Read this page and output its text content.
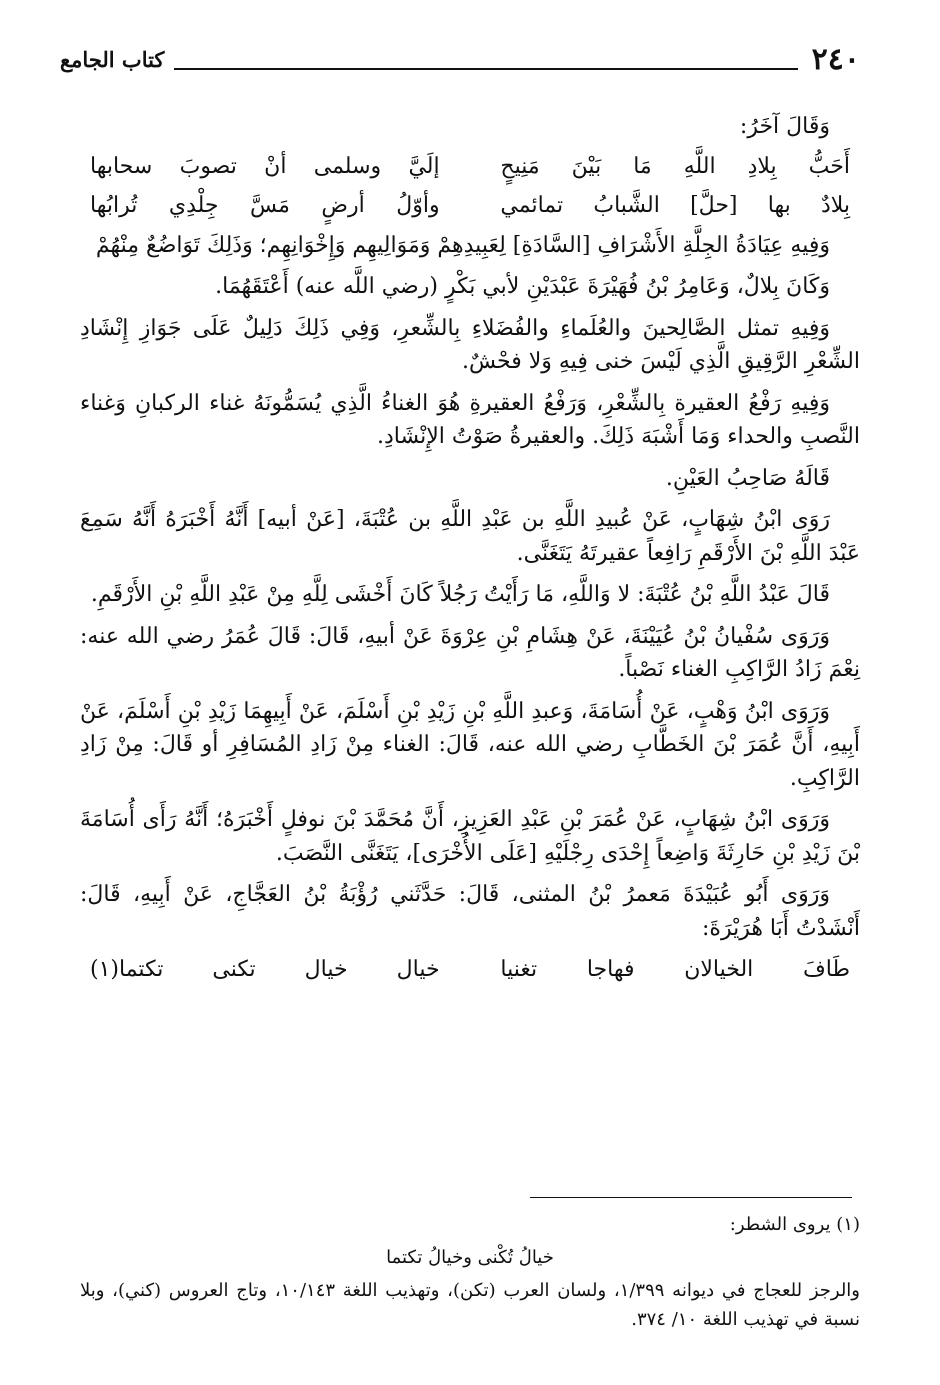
٢٤٠
كتاب الجامع

وَقَالَ آخَرُ:

أَحَبُّ بِلادِ اللَّهِ مَا بَيْنَ مَنِيحٍ
إلَيَّ وسلمى أنْ تصوبَ سحابها
بِلادٌ بها [حلَّ] الشَّبابُ تمائمي
وأوّلُ أرضٍ مَسَّ جِلْدِي تُرابُها

وَفِيهِ عِيَادَةُ الجِلَّةِ الأَشْرَافِ [السَّادَةِ] لِعَبِيدِهِمْ وَمَوَالِيهِم وَإِخْوَانِهِم؛ وَذَلِكَ تَوَاضُعٌ مِنْهُمْ

وَكَانَ بِلالٌ، وَعَامِرُ بْنُ فُهَيْرَةَ عَبْدَيْنِ لأبي بَكْرٍ (رضي اللَّه عنه) أَعْتَقَهُمَا.

وَفِيهِ تمثل الصَّالِحينَ والعُلَماءِ والفُضَلاءِ بِالشِّعرِ، وَفِي ذَلِكَ دَلِيلٌ عَلَى جَوَازِ إِنْشَادِ الشِّعْرِ الرَّقِيقِ الَّذِي لَيْسَ خنى فِيهِ وَلا فحْشٌ.

وَفِيهِ رَفْعُ العقيرة بِالشِّعْرِ، وَرَفْعُ العقيرةِ هُوَ الغناءُ الَّذِي يُسَمُّونَهُ غناء الركبانِ وَغناء النَّصبِ والحداء وَمَا أَشْبَهَ ذَلِكَ. والعقيرةُ صَوْتُ الإِنْشَادِ.

قَالَهُ صَاحِبُ العَيْنِ.

رَوَى ابْنُ شِهَابٍ، عَنْ عُبيدِ اللَّهِ بن عَبْدِ اللَّهِ بن عُتْبَةَ، [عَنْ أبيه] أَنَّهُ أَخْبَرَهُ أَنَّهُ سَمِعَ عَبْدَ اللَّهِ بْنَ الأَرْقَمِ رَافِعاً عقيرتَهُ يَتَغَنَّى.

قَالَ عَبْدُ اللَّهِ بْنُ عُتْبَةَ: لا وَاللَّهِ، مَا رَأَيْتُ رَجُلاً كَانَ أَخْشَى لِلَّهِ مِنْ عَبْدِ اللَّهِ بْنِ الأَرْقَمِ.

وَرَوَى سُفْيانُ بْنُ عُيَيْنَةَ، عَنْ هِشَامِ بْنِ عِرْوَةَ عَنْ أبيهِ، قَالَ: قَالَ عُمَرُ رضي الله عنه: نِعْمَ زَادُ الرَّاكِبِ الغناء نَصْباً.

وَرَوَى ابْنُ وَهْبٍ، عَنْ أُسَامَةَ، وَعبدِ اللَّهِ بْنِ زَيْدِ بْنِ أَسْلَمَ، عَنْ أَبِيهِمَا زَيْدِ بْنِ أَسْلَمَ، عَنْ أَبِيهِ، أَنَّ عُمَرَ بْنَ الخَطَّابِ رضي الله عنه، قَالَ: الغناء مِنْ زَادِ المُسَافِرِ أو قَالَ: مِنْ زَادِ الرَّاكِبِ.

وَرَوَى ابْنُ شِهَابٍ، عَنْ عُمَرَ بْنِ عَبْدِ العَزِيزِ، أَنَّ مُحَمَّدَ بْنَ نوفلٍ أَخْبَرَهُ؛ أَنَّهُ رَأَى أُسَامَةَ بْنَ زَيْدِ بْنِ حَارِثَةَ وَاضِعاً إِحْدَى رِجْلَيْهِ [عَلَى الأُخْرَى]، يَتَغَنَّى النَّصَبَ.

وَرَوَى أَبُو عُبَيْدَةَ مَعمرُ بْنُ المثنى، قَالَ: حَدَّثَني رُؤْبَةُ بْنُ العَجَّاجِ، عَنْ أَبِيهِ، قَالَ: أَنْشَدْتُ أَبَا هُرَيْرَةَ:

طَافَ الخيالان فهاجا تغنيا
خيال خيال تكنى تكتما(١)

(١) يروى الشطر:

خيالُ تُكْنى وخيالُ تكتما

والرجز للعجاج في ديوانه ١/٣٩٩، ولسان العرب (تكن)، وتهذيب اللغة ١٠/١٤٣، وتاج العروس (كني)، وبلا نسبة في تهذيب اللغة ١٠/ ٣٧٤.
